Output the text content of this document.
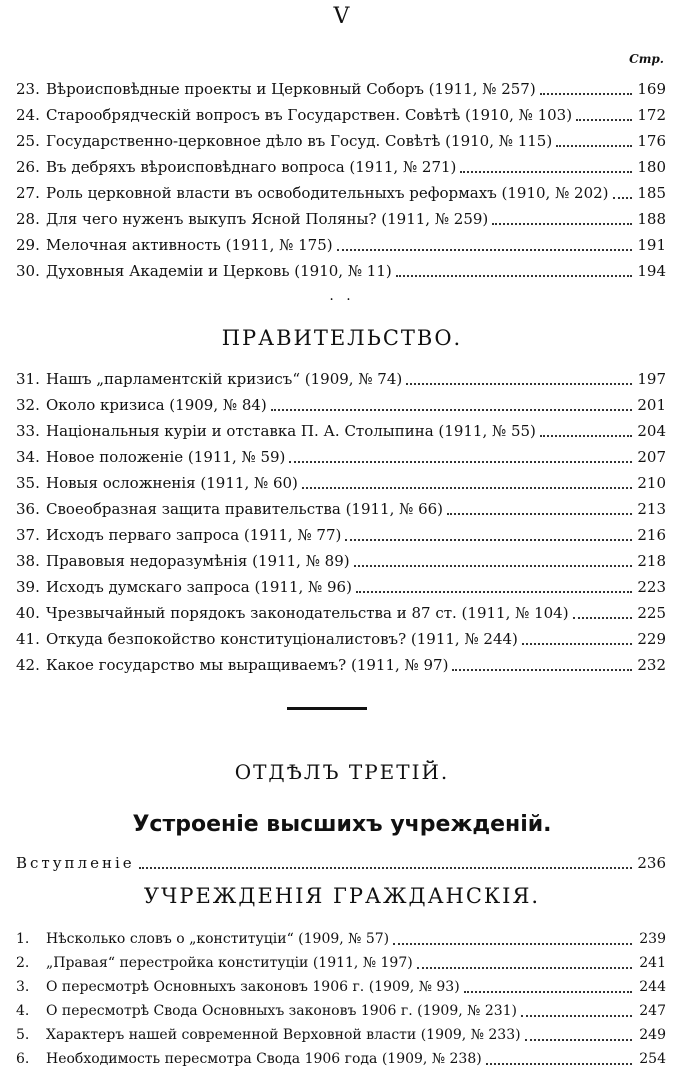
V
Стр.
23. Вѣроисповѣдные проекты и Церковный Соборъ (1911, № 257)	169
24. Старообрядческій вопросъ въ Государствен. Совѣтѣ (1910, № 103)	172
25. Государственно-церковное дѣло въ Госуд. Совѣтѣ (1910, № 115)	176
26. Въ дебряхъ вѣроисповѣднаго вопроса (1911, № 271)	180
27. Роль церковной власти въ освободительныхъ реформахъ (1910, № 202) 185
28. Для чего нуженъ выкупъ Ясной Поляны? (1911, № 259)	188
29. Мелочная активность (1911, № 175)	191
30. Духовныя Академіи и Церковь (1910, № 11)	194
· ·
ПРАВИТЕЛЬСТВО.
31. Нашъ „парламентскій кризисъ“ (1909, № 74)	197
32. Около кризиса (1909, № 84)	201
33. Національныя куріи и отставка П. А. Столыпина (1911, № 55)	204
34. Новое положеніе (1911, № 59)	207
35. Новыя осложненія (1911, № 60)	210
36. Своеобразная защита правительства (1911, № 66)	213
37. Исходъ перваго запроса (1911, № 77)	216
38. Правовыя недоразумѣнія (1911, № 89)	218
39. Исходъ думскаго запроса (1911, № 96)	223
40. Чрезвычайный порядокъ законодательства и 87 ст. (1911, № 104)	225
41. Откуда безпокойство конституціоналистовъ? (1911, № 244)	229
42. Какое государство мы выращиваемъ? (1911, № 97)	232
ОТДѢЛЪ ТРЕТІЙ.
Устроеніе высшихъ учрежденій.
Вступленіе	236
УЧРЕЖДЕНІЯ ГРАЖДАНСКІЯ.
1.	Нѣсколько словъ о „конституціи“ (1909, № 57)	239
2.	„Правая“ перестройка конституціи (1911, № 197)	241
3.	О пересмотрѣ Основныхъ законовъ 1906 г. (1909, № 93)	244
4.	О пересмотрѣ Свода Основныхъ законовъ 1906 г. (1909, № 231)	247
5.	Характеръ нашей современной Верховной власти (1909, № 233)	249
6.	Необходимость пересмотра Свода 1906 года (1909, № 238)	254
